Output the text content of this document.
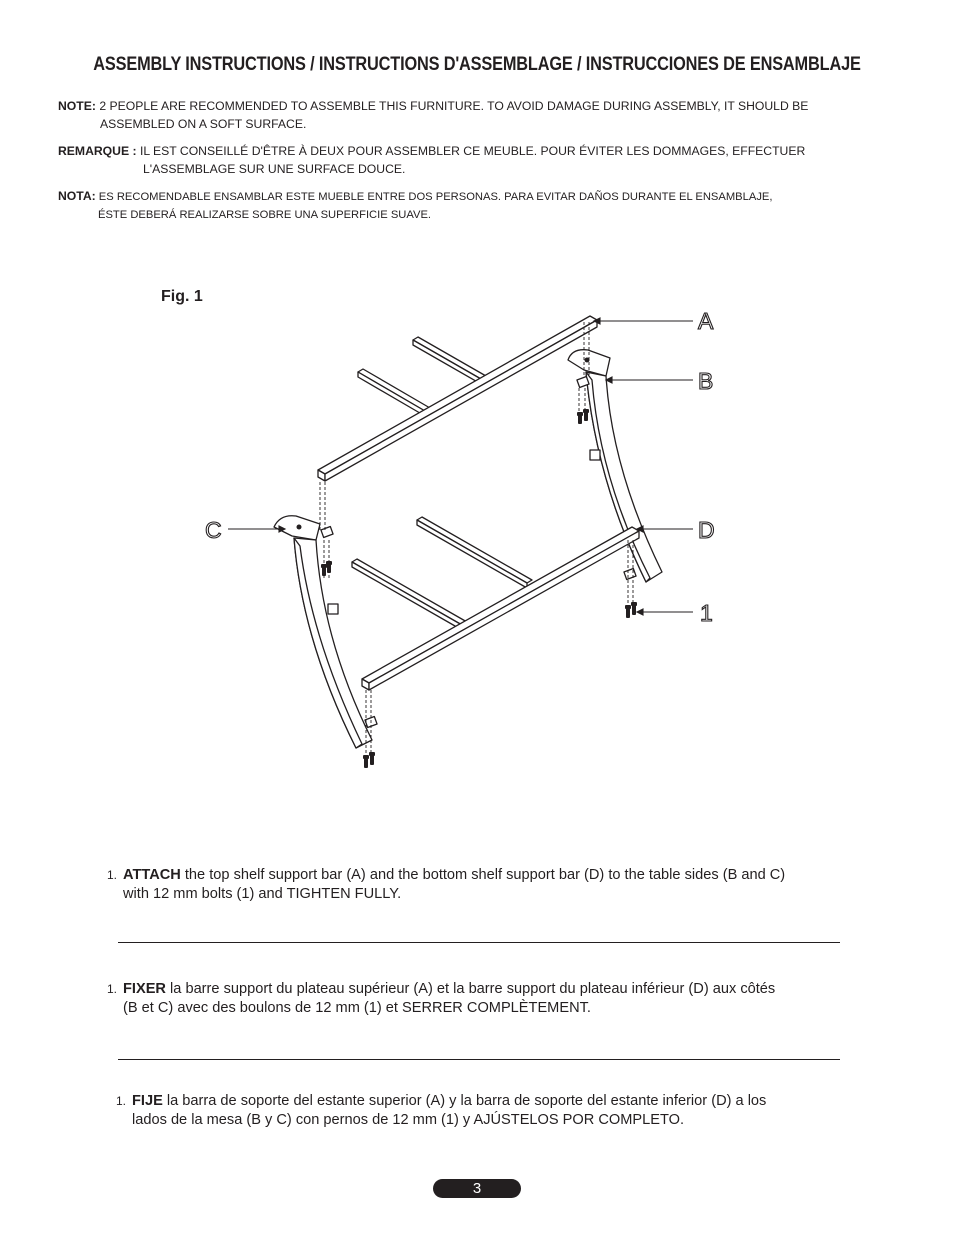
ASSEMBLY INSTRUCTIONS / INSTRUCTIONS D'ASSEMBLAGE / INSTRUCCIONES DE ENSAMBLAJE
NOTE: 2 PEOPLE ARE RECOMMENDED TO ASSEMBLE THIS FURNITURE. TO AVOID DAMAGE DURING ASSEMBLY, IT SHOULD BE
ASSEMBLED ON A SOFT SURFACE.
REMARQUE : IL EST CONSEILLÉ D'ÊTRE À DEUX POUR ASSEMBLER CE MEUBLE. POUR ÉVITER LES DOMMAGES, EFFECTUER
L'ASSEMBLAGE SUR UNE SURFACE DOUCE.
NOTA: ES RECOMENDABLE ENSAMBLAR ESTE MUEBLE ENTRE DOS PERSONAS. PARA EVITAR DAÑOS DURANTE EL ENSAMBLAJE,
ÉSTE DEBERÁ REALIZARSE SOBRE UNA SUPERFICIE SUAVE.
Fig. 1
A
B
C	D
1
1. ATTACH the top shelf support bar (A) and the bottom shelf support bar (D) to the table sides (B and C)
with 12 mm bolts (1) and TIGHTEN FULLY.
1. FIXER la barre support du plateau supérieur (A) et la barre support du plateau inférieur (D) aux côtés
(B et C) avec des boulons de 12 mm (1) et SERRER COMPLÈTEMENT.
1. FIJE la barra de soporte del estante superior (A) y la barra de soporte del estante inferior (D) a los
lados de la mesa (B y C) con pernos de 12 mm (1) y AJÚSTELOS POR COMPLETO.
3
